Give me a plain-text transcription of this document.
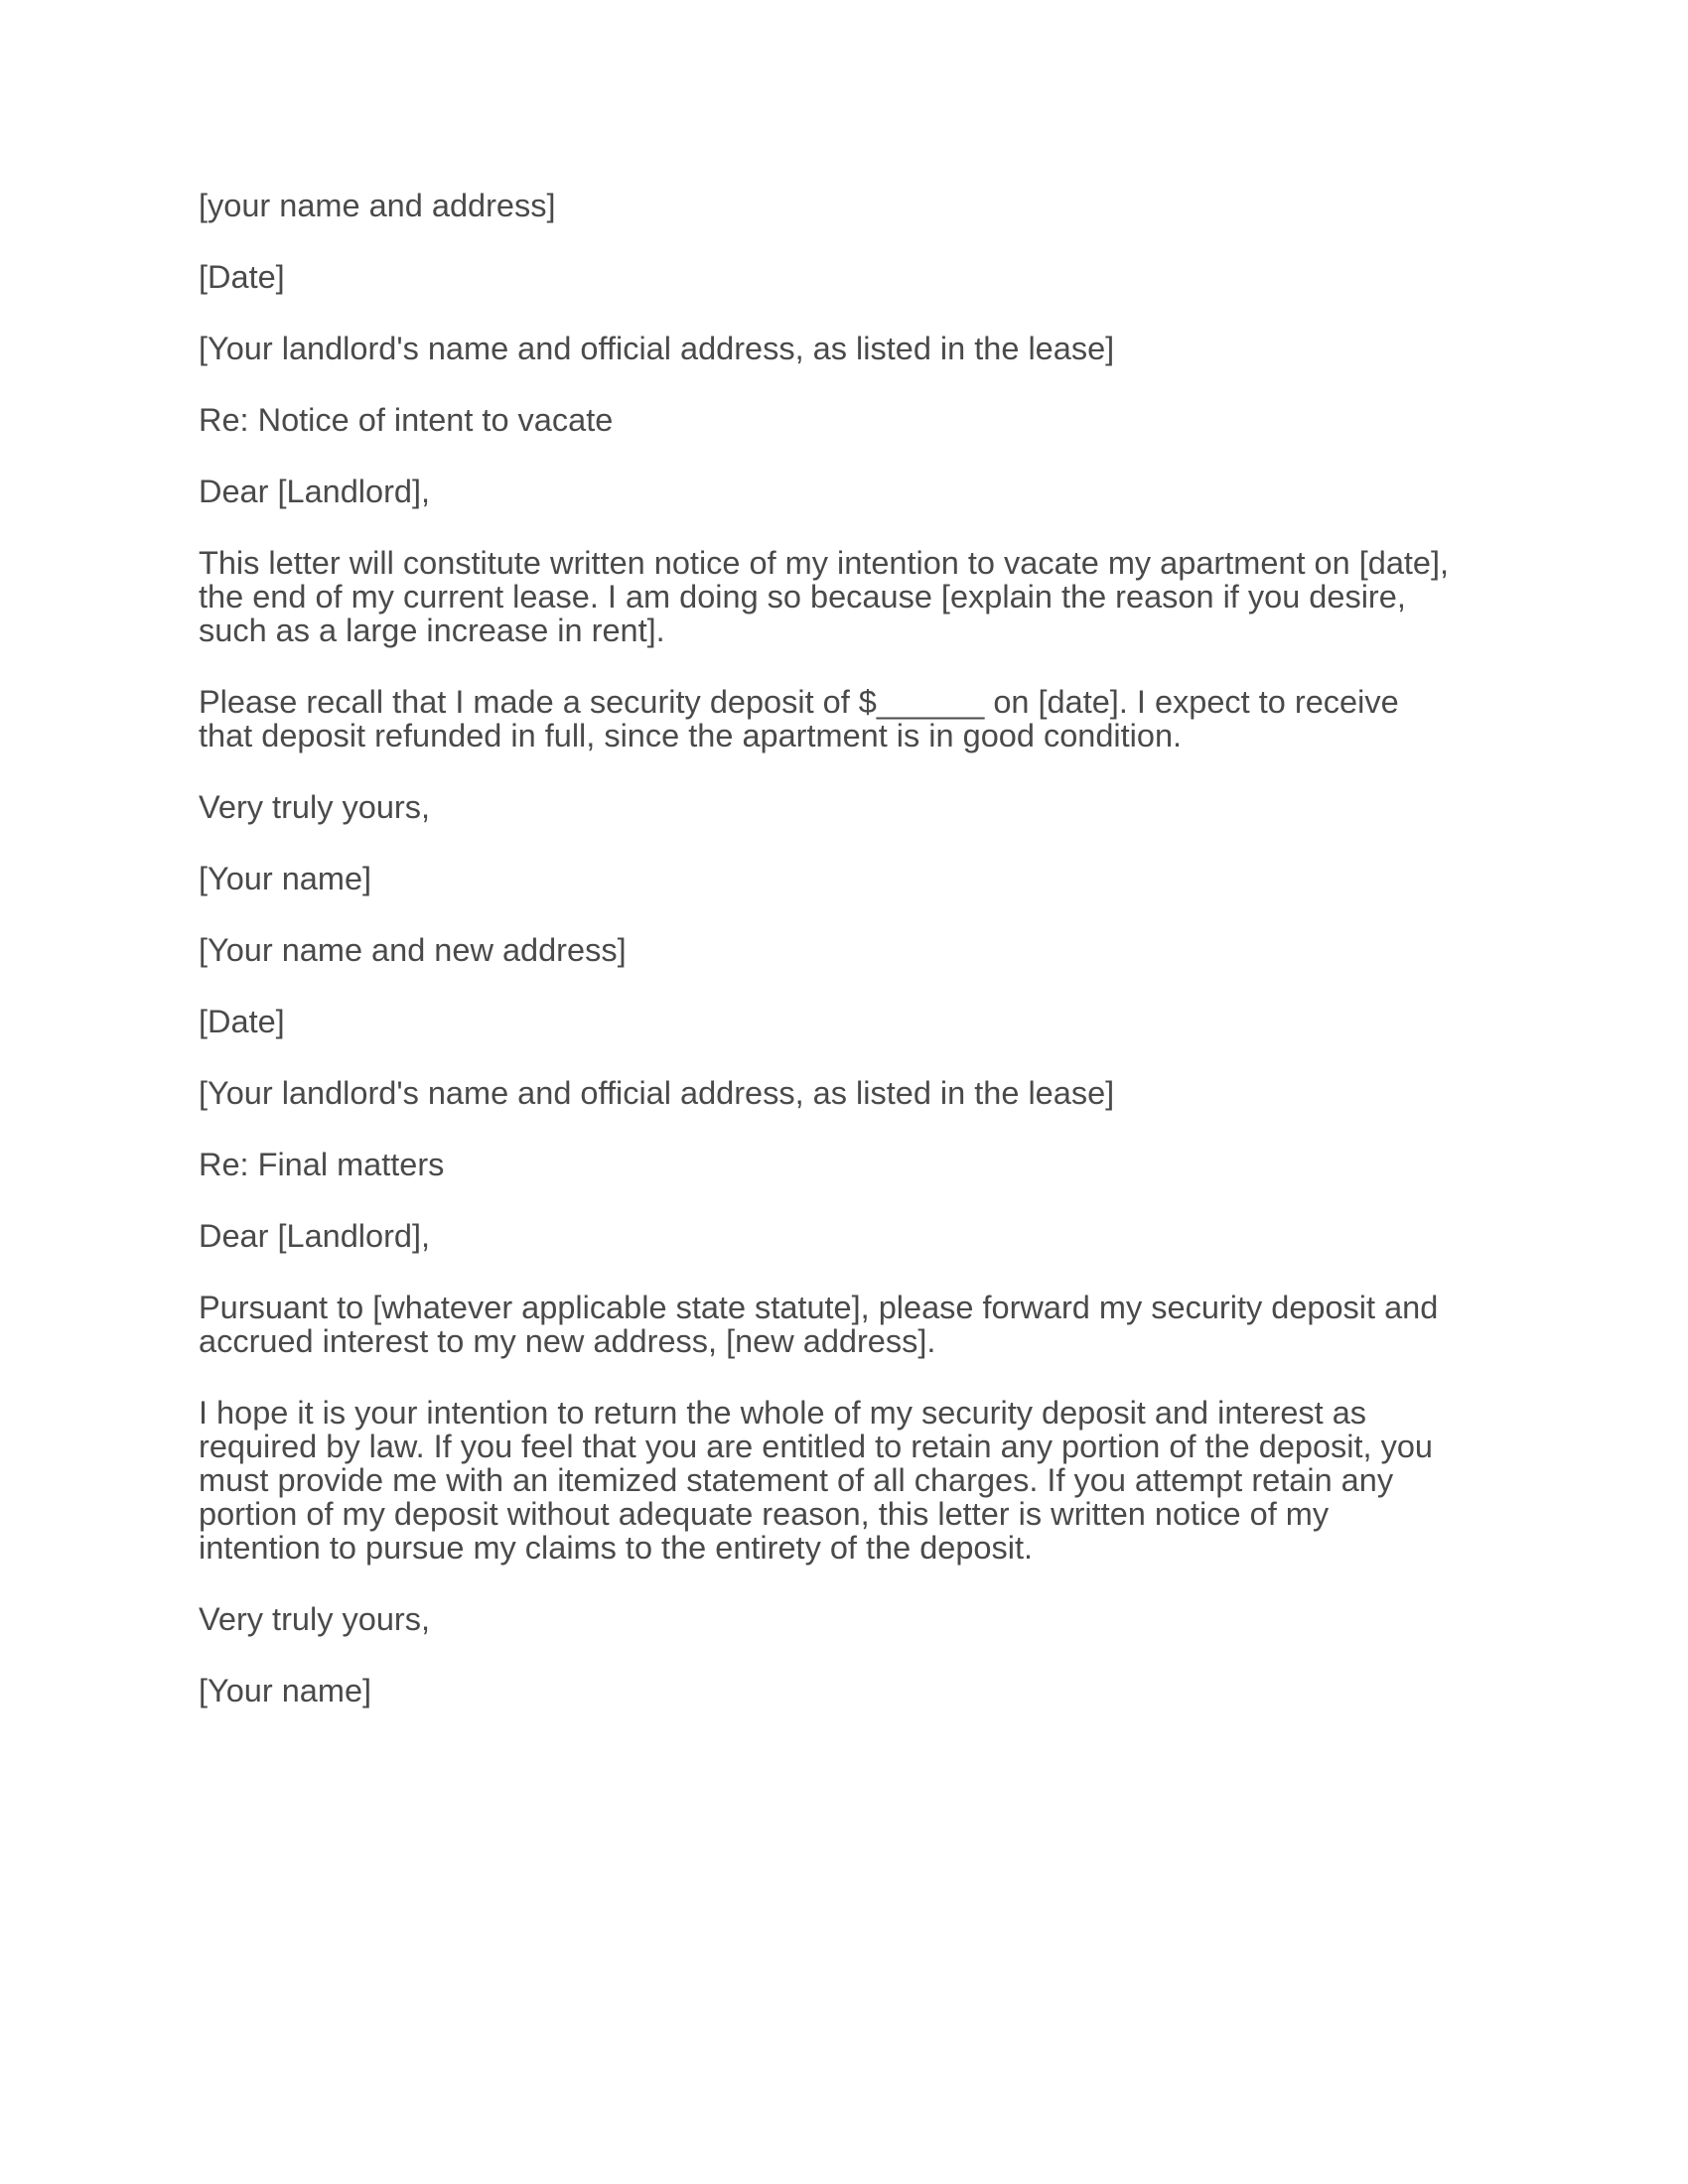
[your name and address]

[Date]

[Your landlord's name and official address, as listed in the lease]

Re: Notice of intent to vacate

Dear [Landlord],

This letter will constitute written notice of my intention to vacate my apartment on [date],
the end of my current lease. I am doing so because [explain the reason if you desire,
such as a large increase in rent].

Please recall that I made a security deposit of $______ on [date]. I expect to receive
that deposit refunded in full, since the apartment is in good condition.

Very truly yours,

[Your name]

[Your name and new address]

[Date]

[Your landlord's name and official address, as listed in the lease]

Re: Final matters

Dear [Landlord],

Pursuant to [whatever applicable state statute], please forward my security deposit and
accrued interest to my new address, [new address].

I hope it is your intention to return the whole of my security deposit and interest as
required by law. If you feel that you are entitled to retain any portion of the deposit, you
must provide me with an itemized statement of all charges. If you attempt retain any
portion of my deposit without adequate reason, this letter is written notice of my
intention to pursue my claims to the entirety of the deposit.

Very truly yours,

[Your name]
